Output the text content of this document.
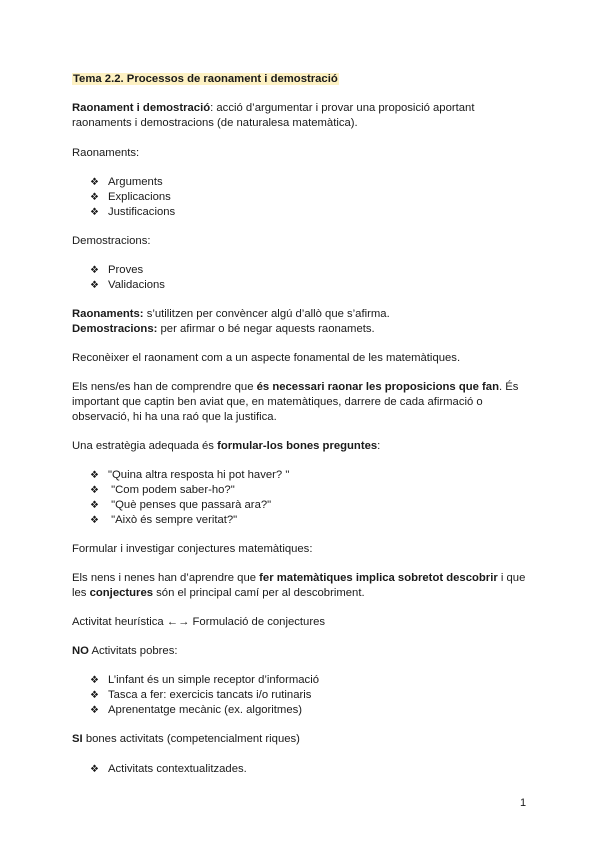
Tema 2.2. Processos de raonament i demostració
Raonament i demostració: acció d’argumentar i provar una proposició aportant
raonaments i demostracions (de naturalesa matemàtica).
Raonaments:
❖ Arguments
❖ Explicacions
❖ Justificacions
Demostracions:
❖ Proves
❖ Validacions
Raonaments: s’utilitzen per convèncer algú d’allò que s’afirma.
Demostracions: per afirmar o bé negar aquests raonamets.
Reconèixer el raonament com a un aspecte fonamental de les matemàtiques.
Els nens/es han de comprendre que és necessari raonar les proposicions que fan. És
important que captin ben aviat que, en matemàtiques, darrere de cada afirmació o
observació, hi ha una raó que la justifica.
Una estratègia adequada és formular-los bones preguntes:
❖ "Quina altra resposta hi pot haver? "
❖ "Com podem saber-ho?"
❖ "Què penses que passarà ara?"
❖ "Això és sempre veritat?"
Formular i investigar conjectures matemàtiques:
Els nens i nenes han d’aprendre que fer matemàtiques implica sobretot descobrir i que
les conjectures són el principal camí per al descobriment.
Activitat heurística ←→ Formulació de conjectures
NO Activitats pobres:
❖ L’infant és un simple receptor d’informació
❖ Tasca a fer: exercicis tancats i/o rutinaris
❖ Aprenentatge mecànic (ex. algoritmes)
SI bones activitats (competencialment riques)
❖ Activitats contextualitzades.
1
